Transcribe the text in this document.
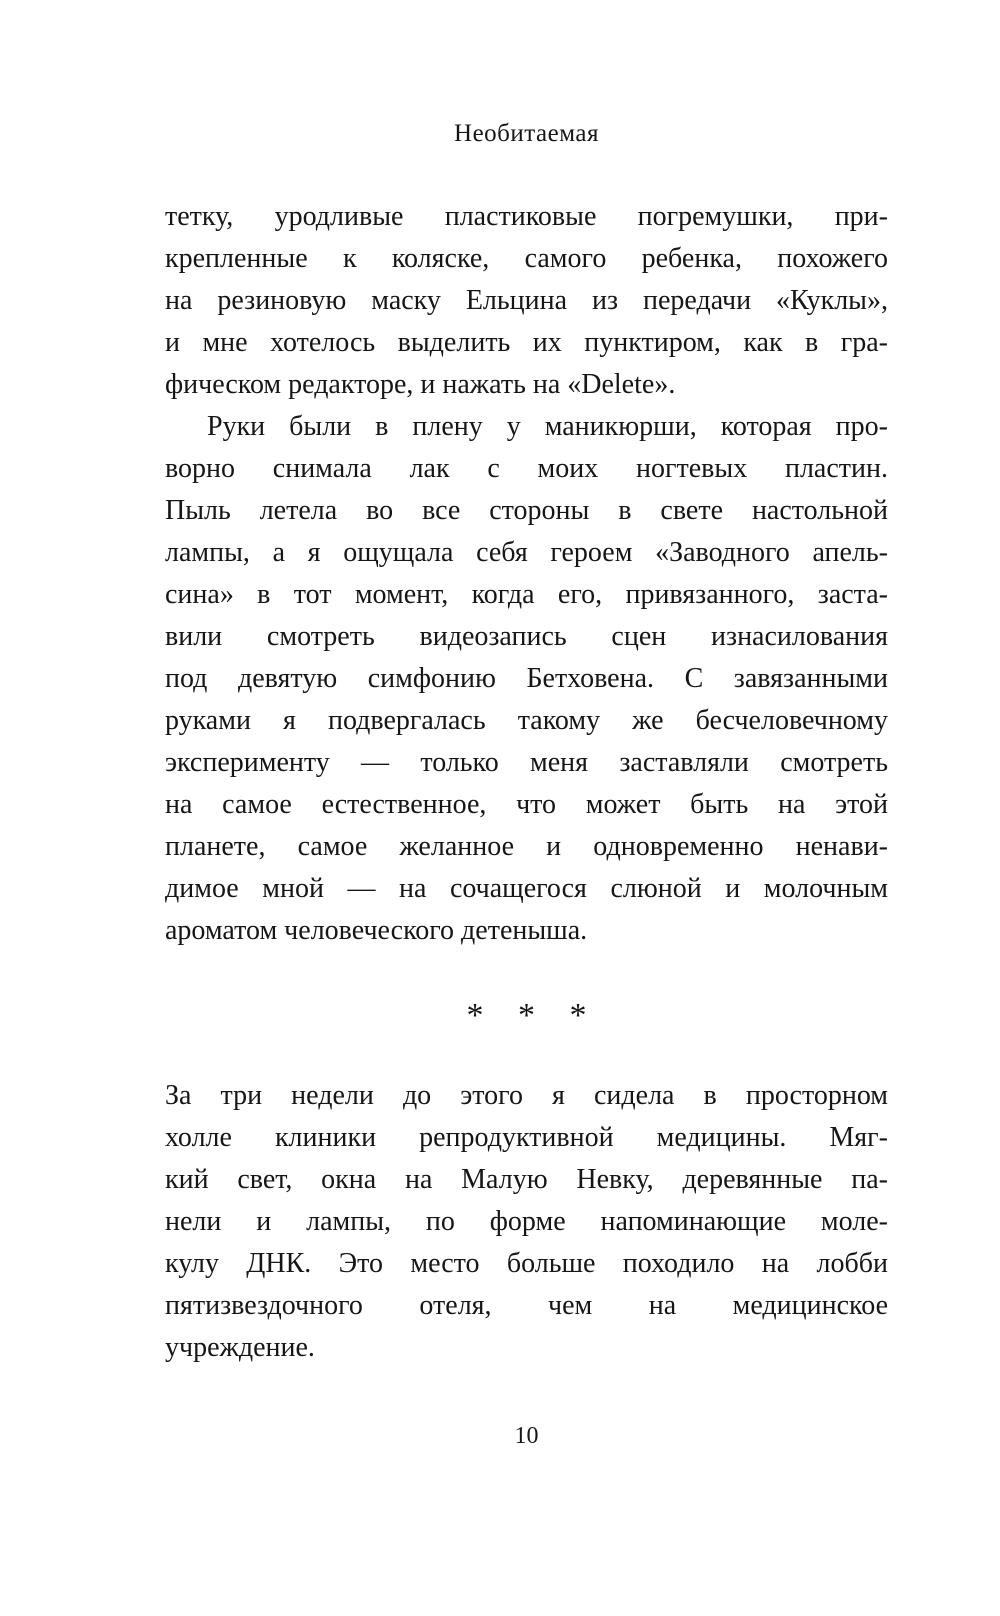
Необитаемая
тетку, уродливые пластиковые погремушки, при-
крепленные к коляске, самого ребенка, похожего
на резиновую маску Ельцина из передачи «Куклы»,
и мне хотелось выделить их пунктиром, как в гра-
фическом редакторе, и нажать на «Delete».
Руки были в плену у маникюрши, которая про-
ворно снимала лак с моих ногтевых пластин.
Пыль летела во все стороны в свете настольной
лампы, а я ощущала себя героем «Заводного апель-
сина» в тот момент, когда его, привязанного, заста-
вили смотреть видеозапись сцен изнасилования
под девятую симфонию Бетховена. С завязанными
руками я подвергалась такому же бесчеловечному
эксперименту — только меня заставляли смотреть
на самое естественное, что может быть на этой
планете, самое желанное и одновременно ненави-
димое мной — на сочащегося слюной и молочным
ароматом человеческого детеныша.
* * *
За три недели до этого я сидела в просторном
холле клиники репродуктивной медицины. Мяг-
кий свет, окна на Малую Невку, деревянные па-
нели и лампы, по форме напоминающие моле-
кулу ДНК. Это место больше походило на лобби
пятизвездочного отеля, чем на медицинское
учреждение.
10
